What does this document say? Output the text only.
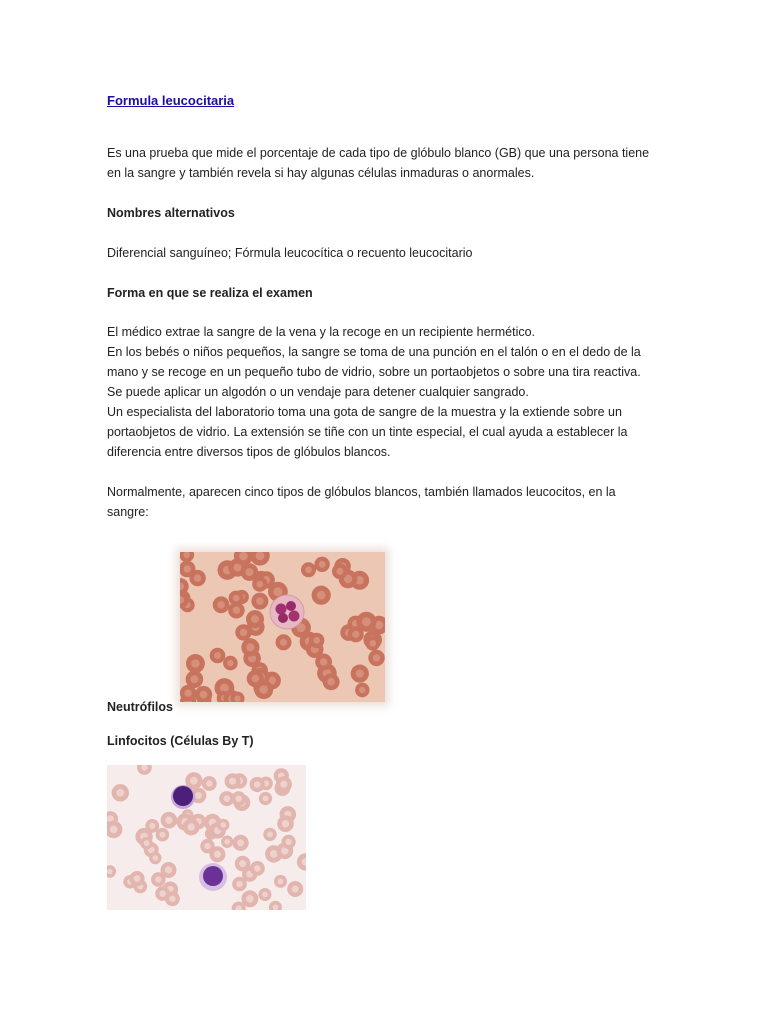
Formula leucocitaria

Es una prueba que mide el porcentaje de cada tipo de glóbulo blanco (GB) que una persona tiene

en la sangre y también revela si hay algunas células inmaduras o anormales.

Nombres alternativos
Diferencial sanguíneo; Fórmula leucocítica o recuento leucocitario
Forma en que se realiza el examen

El médico extrae la sangre de la vena y la recoge en un recipiente hermético.

En los bebés o niños pequeños, la sangre se toma de una punción en el talón o en el dedo de la

mano y se recoge en un pequeño tubo de vidrio, sobre un portaobjetos o sobre una tira reactiva.

Se puede aplicar un algodón o un vendaje para detener cualquier sangrado.

Un especialista del laboratorio toma una gota de sangre de la muestra y la extiende sobre un

portaobjetos de vidrio. La extensión se tiñe con un tinte especial, el cual ayuda a establecer la

diferencia entre diversos tipos de glóbulos blancos.

Normalmente, aparecen cinco tipos de glóbulos blancos, también llamados leucocitos, en la

sangre:

Neutrófilos
Linfocitos (Células By T)
